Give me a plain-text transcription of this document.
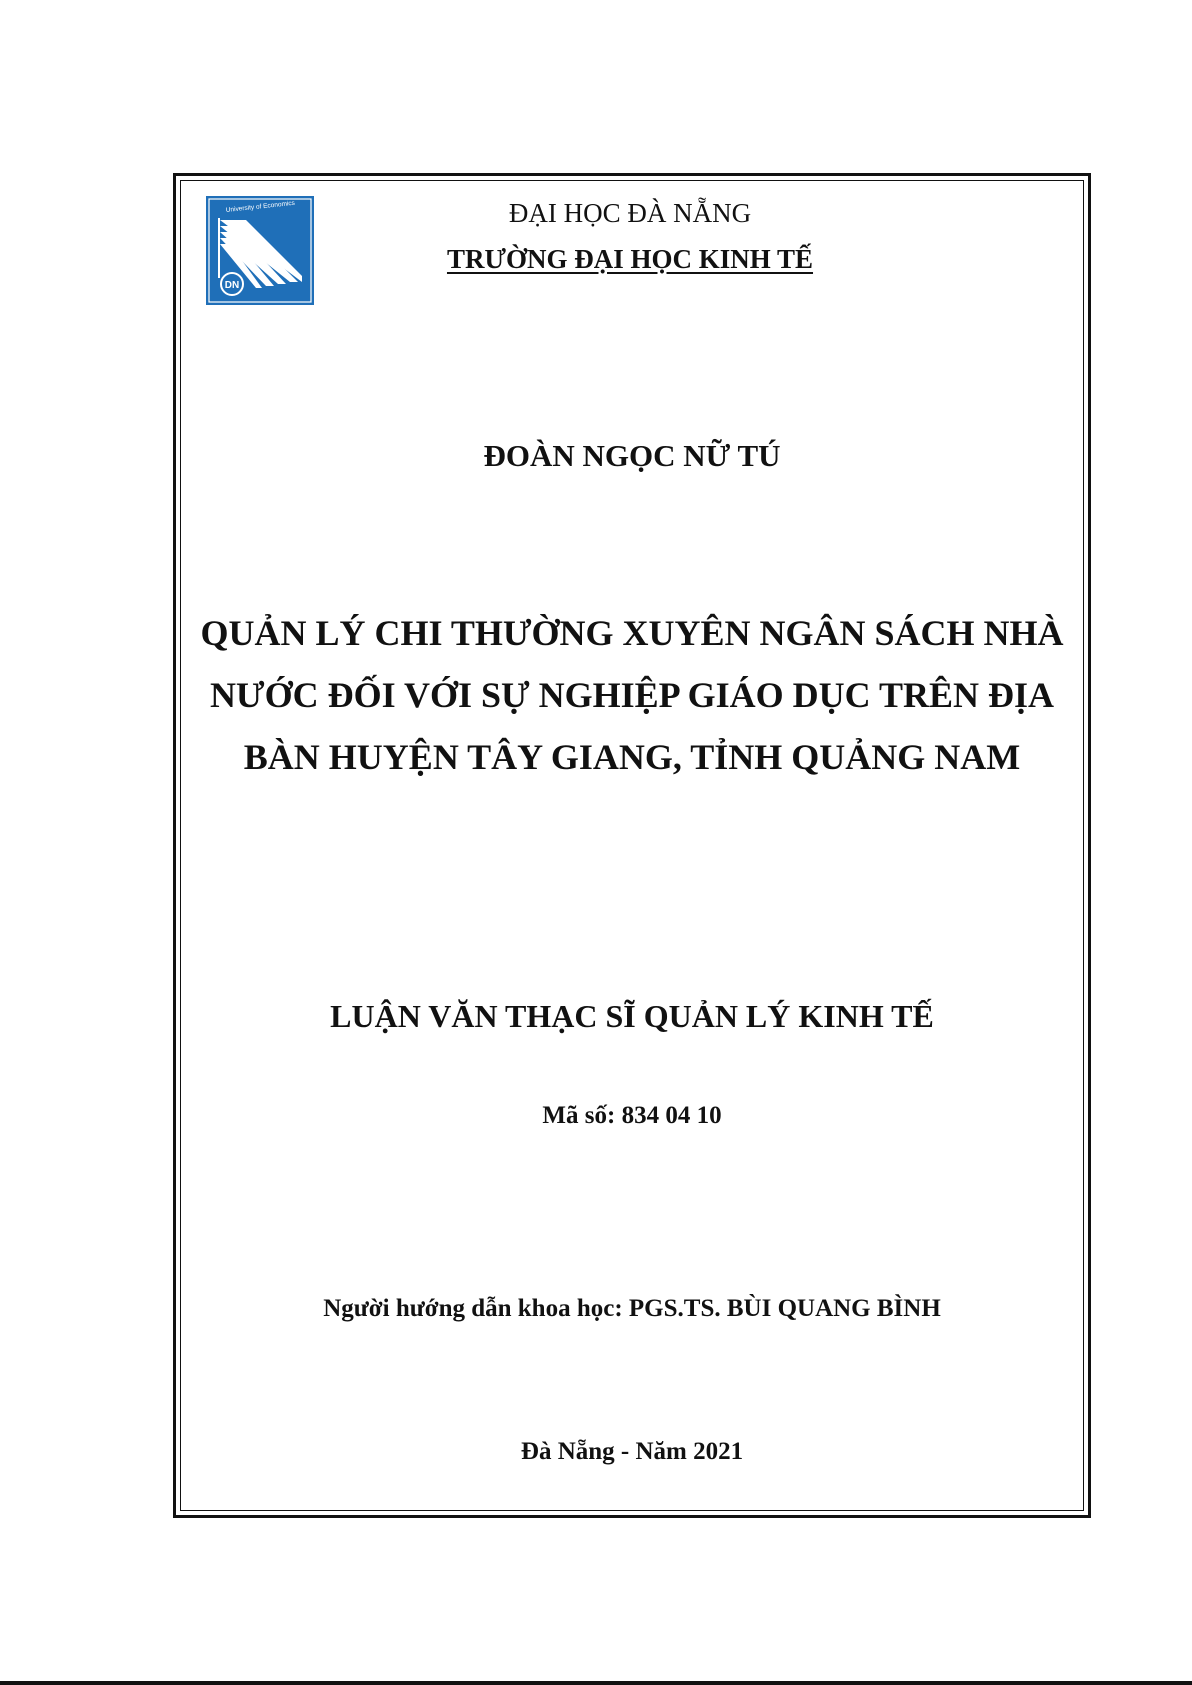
University of Economics
DN
ĐẠI HỌC ĐÀ NẴNG
TRƯỜNG ĐẠI HỌC KINH TẾ
ĐOÀN NGỌC NỮ TÚ
QUẢN LÝ CHI THƯỜNG XUYÊN NGÂN SÁCH NHÀ
NƯỚC ĐỐI VỚI SỰ NGHIỆP GIÁO DỤC TRÊN ĐỊA
BÀN HUYỆN TÂY GIANG, TỈNH QUẢNG NAM
LUẬN VĂN THẠC SĨ QUẢN LÝ KINH TẾ
Mã số: 834 04 10
Người hướng dẫn khoa học: PGS.TS. BÙI QUANG BÌNH
Đà Nẵng - Năm 2021
